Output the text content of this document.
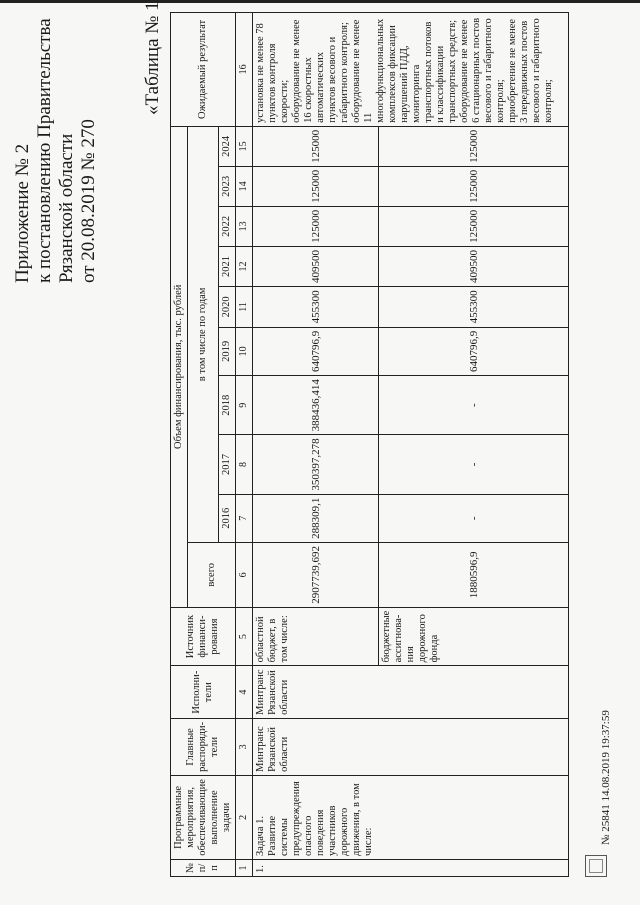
Приложение № 2 к постановлению Правительства Рязанской области от 20.08.2019 № 270
«Таблица № 1
№ п/п	Программные мероприятия, обеспечивающие выполнение задачи	Главные распоряди-тели	Исполни-тели	Источник финанси-рования	Объем финансирования, тыс. рублей										Ожидаемый результат
					всего	в том числе по годам									
						2016	2017	2018	2019	2020	2021	2022	2023	2024	
1	2	3	4	5	6	7	8	9	10	11	12	13	14	15	16
1.	Задача 1. Развитие системы предупреждения опасного поведения участников дорожного движения, в том числе:	Минтранс Рязанской области	Минтранс Рязанской области	областной бюджет, в том числе:	2907739,692	288309,1	350397,278	388436,414	640796,9	455300	409500	125000	125000	125000	установка не менее 78 пунктов контроля скорости; оборудование не менее 16 скоростных автоматических пунктов весового и габаритного контроля; оборудование не менее 11 многофункциональных комплексов фиксации нарушений ПДД, мониторинга транспортных потоков и классификации транспортных средств; оборудование не менее 6 стационарных постов весового и габаритного контроля; приобретение не менее 3 передвижных постов весового и габаритного контроля;
				бюджетные ассигнова-ния дорожного фонда	1880596,9	-	-	-	640796,9	455300	409500	125000	125000	125000	
№ 25841 14.08.2019 19:37:59
